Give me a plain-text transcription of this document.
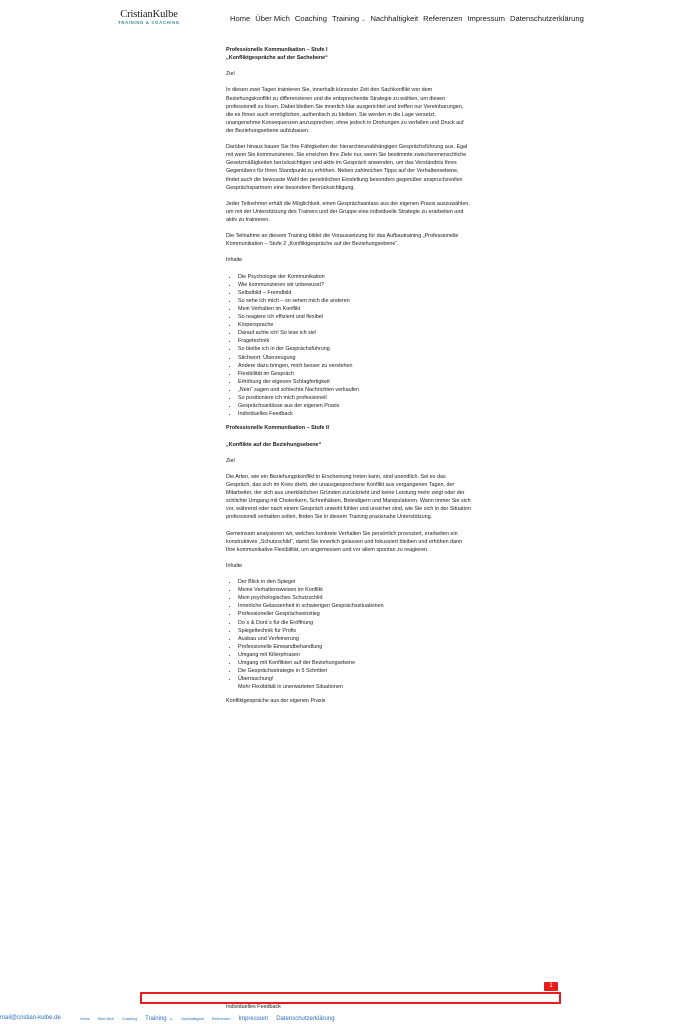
CristianKulbe
TRAINING & COACHING	Home Über Mich Coaching Training ⌄ Nachhaltigkeit Referenzen Impressum Datenschutzerklärung

Professionelle Kommunikation – Stufe I
„Konfliktgespräche auf der Sachebene“

Ziel

In diesen zwei Tagen trainieren Sie, innerhalb kürzester Zeit den Sachkonflikt von dem Beziehungskonflikt zu differenzieren und die entsprechende Strategie zu wählen, um diesen professionell zu lösen. Dabei bleiben Sie innerlich klar ausgerichtet und treffen nur Vereinbarungen, die es Ihnen auch ermöglichen, authentisch zu bleiben. Sie werden in die Lage versetzt, unangenehme Konsequenzen anzusprechen, ohne jedoch in Drohungen zu verfallen und Druck auf der Beziehungsebene aufzubauen.

Darüber hinaus bauen Sie Ihre Fähigkeiten der hierarchieunabhängigen Gesprächsführung aus. Egal mit wem Sie kommunizieren, Sie erreichen Ihre Ziele nur, wenn Sie bestimmte zwischenmenschliche Gesetzmäßigkeiten berücksichtigen und aktiv im Gespräch anwenden, um das Verständnis Ihres Gegenübers für Ihren Standpunkt zu erhöhen. Neben zahlreichen Tipps auf der Verhaltensebene, findet auch die bewusste Wahl der persönlichen Einstellung besonders gegenüber anspruchsvollen Gesprächspartnern eine besondere Berücksichtigung.

Jeder Teilnehmer erhält die Möglichkeit, einen Gesprächsanlass aus der eigenen Praxis auszuwählen, um mit der Unterstützung des Trainers und der Gruppe eine individuelle Strategie zu erarbeiten und aktiv zu trainieren.

Die Teilnahme an diesem Training bildet die Voraussetzung für das Aufbautraining „Professionelle Kommunikation – Stufe 2 „Konfliktgespräche auf der Beziehungsebene“.

Inhalte

• Die Psychologie der Kommunikation
• Wie kommunizieren wir unbewusst?
• Selbstbild – Fremdbild
• So sehe ich mich – so sehen mich die anderen
• Mein Verhalten im Konflikt
• So reagiere ich effizient und flexibel
• Körpersprache
• Darauf achte ich! So lese ich sie!
• Fragetechnik
• So bleibe ich in der Gesprächsführung
• Stichwort: Überzeugung
• Andere dazu bringen, mich besser zu verstehen
• Flexibilität im Gespräch
• Erhöhung der eigenen Schlagfertigkeit
• „Nein“ sagen und schlechte Nachrichten verkaufen
• So positioniere ich mich professionell
• Gesprächsanlässe aus der eigenen Praxis
• Individuelles Feedback

Professionelle Kommunikation – Stufe II

„Konflikte auf der Beziehungsebene“

Ziel

Die Arten, wie ein Beziehungskonflikt in Erscheinung treten kann, sind unendlich. Sei es das Gespräch, das sich im Kreis dreht, der unausgesprochene Konflikt aus vergangenen Tagen, der Mitarbeiter, der sich aus unerklärlichen Gründen zurückzieht und keine Leistung mehr zeigt oder der schlichte Umgang mit Cholerikern, Schreihälsen, Beleidigern und Manipulatoren. Wann immer Sie sich vor, während oder nach einem Gespräch unwohl fühlen und unsicher sind, wie Sie sich in der Situation professionell verhalten sollen, finden Sie in diesem Training praxisnahe Unterstützung.

Gemeinsam analysieren wir, welches konkrete Verhalten Sie persönlich provoziert, erarbeiten ein konstruktives „Schutzschild“, damit Sie innerlich gelassen und fokussiert bleiben und erhöhen dann Ihre kommunikative Flexibilität, um angemessen und vor allem spontan zu reagieren.

Inhalte

• Der Blick in den Spiegel
• Meine Verhaltensweisen im Konflikt
• Mein psychologisches Schutzschild
• Innerliche Gelassenheit in schwierigen Gesprächssituationen
• Professioneller Gesprächseinstieg
• Do`s & Dont`s für die Eröffnung
• Spiegeltechnik für Profis
• Ausbau und Verfeinerung
• Professionelle Einwandbehandlung
• Umgang mit Killerphrasen
• Umgang mit Konflikten auf der Beziehungsebene
• Die Gesprächsstrategie in 5 Schritten
• Überraschung!
Mehr Flexibilität in unerwarteten Situationen

Konfliktgespräche aus der eigenen Praxis

Individuelles Feedback
1
mail@cristian-kulbe.de	Home Über Mich Coaching Training ⌄ Nachhaltigkeit Referenzen Impressum Datenschutzerklärung
